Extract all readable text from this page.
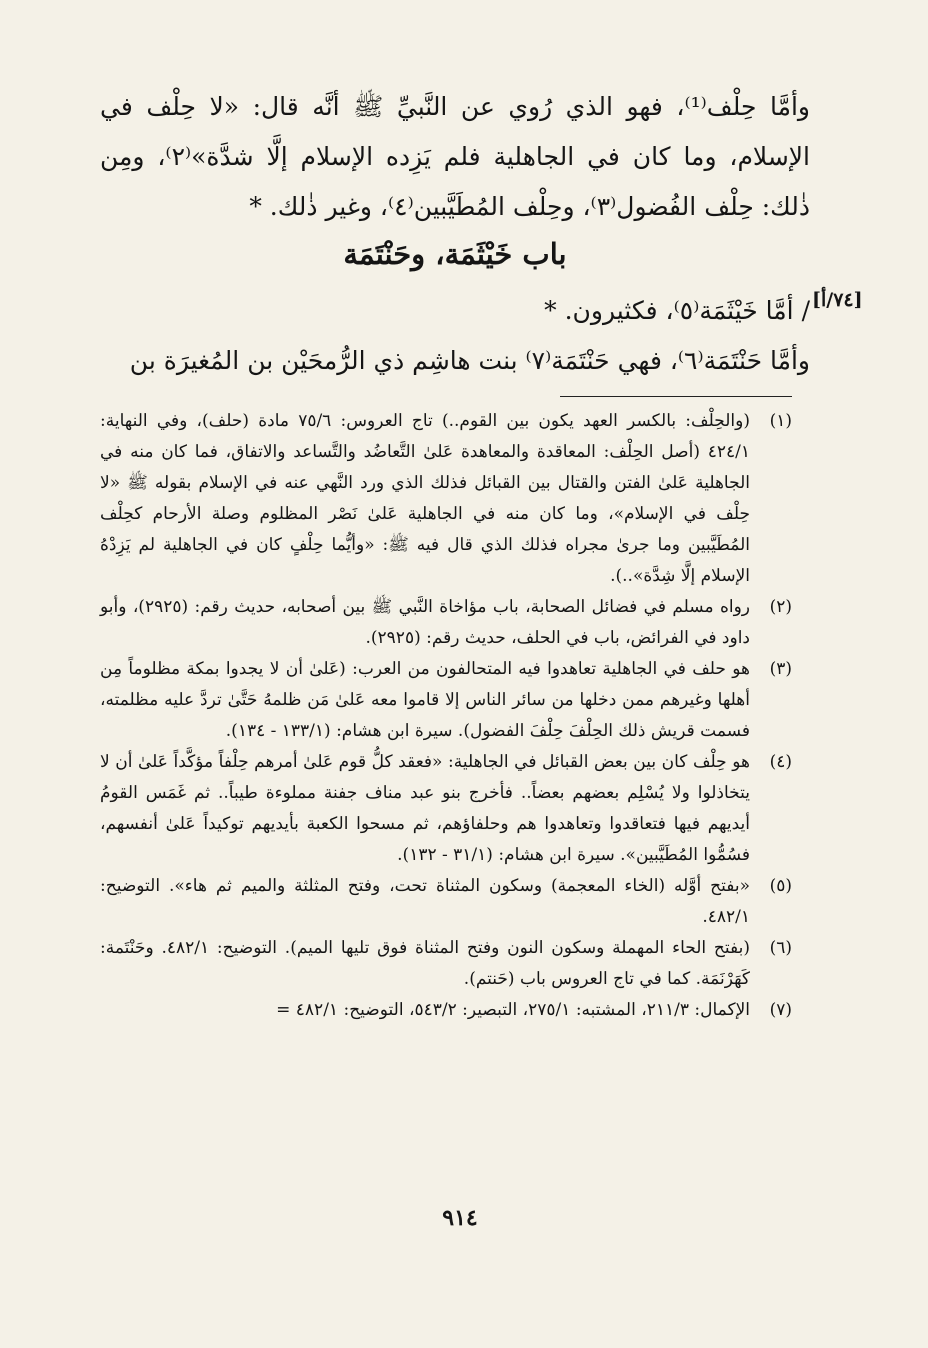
وأمَّا حِلْف⁽¹⁾، فهو الذي رُوي عن النَّبيِّ ﷺ أنَّه قال: «لا حِلْف في الإسلام، وما كان في الجاهلية فلم يَزِده الإسلام إلَّا شدَّة»⁽٢⁾، ومِن ذٰلك: حِلْف الفُضول⁽٣⁾، وحِلْف المُطَيَّبين⁽٤⁾، وغير ذٰلك. *

باب خَيْثَمَة، وحَنْتَمَة
[٧٤/أ]

/ أمَّا خَيْثَمَة⁽٥⁾، فكثيرون. *

وأمَّا حَنْتَمَة⁽٦⁾، فهي حَنْتَمَة⁽٧⁾ بنت هاشِم ذي الرُّمحَيْن بن المُغيرَة بن

(١)
(والحِلْف: بالكسر العهد يكون بين القوم..) تاج العروس: ٧٥/٦ مادة (حلف)، وفي النهاية: ٤٢٤/١ (أصل الحِلْف: المعاقدة والمعاهدة عَلىٰ التَّعاضُد والتَّساعد والاتفاق، فما كان منه في الجاهلية عَلىٰ الفتن والقتال بين القبائل فذلك الذي ورد النَّهي عنه في الإسلام بقوله ﷺ «لا حِلْف في الإسلام»، وما كان منه في الجاهلية عَلىٰ نَصْر المظلوم وصلة الأرحام كحِلْف المُطَيَّبين وما جرىٰ مجراه فذلك الذي قال فيه ﷺ: «وأيُّما حِلْفٍ كان في الجاهلية لم يَزِدْهُ الإسلام إلَّا شِدَّة»..).
(٢)
رواه مسلم في فضائل الصحابة، باب مؤاخاة النَّبي ﷺ بين أصحابه، حديث رقم: (٢٩٢٥)، وأبو داود في الفرائض، باب في الحلف، حديث رقم: (٢٩٢٥).
(٣)
هو حلف في الجاهلية تعاهدوا فيه المتحالفون من العرب: (عَلىٰ أن لا يجدوا بمكة مظلوماً مِن أهلها وغيرهم ممن دخلها من سائر الناس إلا قاموا معه عَلىٰ مَن ظلمهُ حَتَّىٰ تردَّ عليه مظلمته، فسمت قريش ذلك الحِلْفَ حِلْفَ الفضول). سيرة ابن هشام: (١٣٣/١ - ١٣٤).
(٤)
هو حِلْف كان بين بعض القبائل في الجاهلية: «فعقد كلُّ قوم عَلىٰ أمرهم حِلْفاً مؤكَّداً عَلىٰ أن لا يتخاذلوا ولا يُسْلِم بعضهم بعضاً.. فأخرج بنو عبد مناف جفنة مملوءة طيباً.. ثم غَمَس القومُ أيديهم فيها فتعاقدوا وتعاهدوا هم وحلفاؤهم، ثم مسحوا الكعبة بأيديهم توكيداً عَلىٰ أنفسهم، فسُمُّوا المُطَيَّبين». سيرة ابن هشام: (٣١/١ - ١٣٢).
(٥)
«بفتح أوَّله (الخاء المعجمة) وسكون المثناة تحت، وفتح المثلثة والميم ثم هاء». التوضيح: ٤٨٢/١.
(٦)
(بفتح الحاء المهملة وسكون النون وفتح المثناة فوق تليها الميم). التوضيح: ٤٨٢/١. وحَنْتَمة: كَهَرْنَمَة. كما في تاج العروس باب (حَنتم).
(٧)
الإكمال: ٢١١/٣، المشتبه: ٢٧٥/١، التبصير: ٥٤٣/٢، التوضيح: ٤٨٢/١ =
٩١٤
